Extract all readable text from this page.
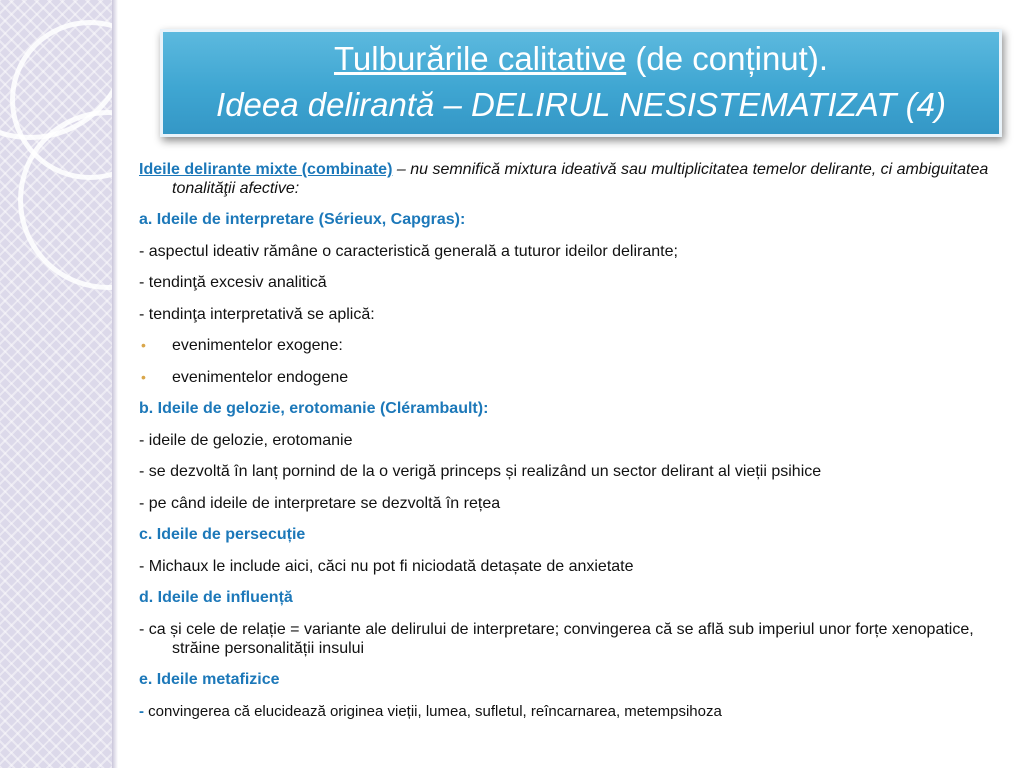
Tulburările calitative (de conținut).
Ideea delirantă – DELIRUL NESISTEMATIZAT (4)

Ideile delirante mixte (combinate) – nu semnifică mixtura ideativă sau multiplicitatea temelor delirante, ci ambiguitatea tonalităţii afective:

a. Ideile de interpretare (Sérieux, Capgras):

- aspectul ideativ rămâne o caracteristică generală a tuturor ideilor delirante;

- tendinţă excesiv analitică

- tendinţa interpretativă se aplică:

• evenimentelor exogene:

• evenimentelor endogene

b. Ideile de gelozie, erotomanie (Clérambault):

- ideile de gelozie, erotomanie

- se dezvoltă în lanț pornind de la o verigă princeps și realizând un sector delirant al vieții psihice

- pe când ideile de interpretare se dezvoltă în rețea

c. Ideile de persecuție

- Michaux le include aici, căci nu pot fi niciodată detașate de anxietate

d. Ideile de influență

- ca și cele de relație = variante ale delirului de interpretare; convingerea că se află sub imperiul unor forțe xenopatice, străine personalității insului

e. Ideile metafizice

- convingerea că elucidează originea vieții, lumea, sufletul, reîncarnarea, metempsihoza
